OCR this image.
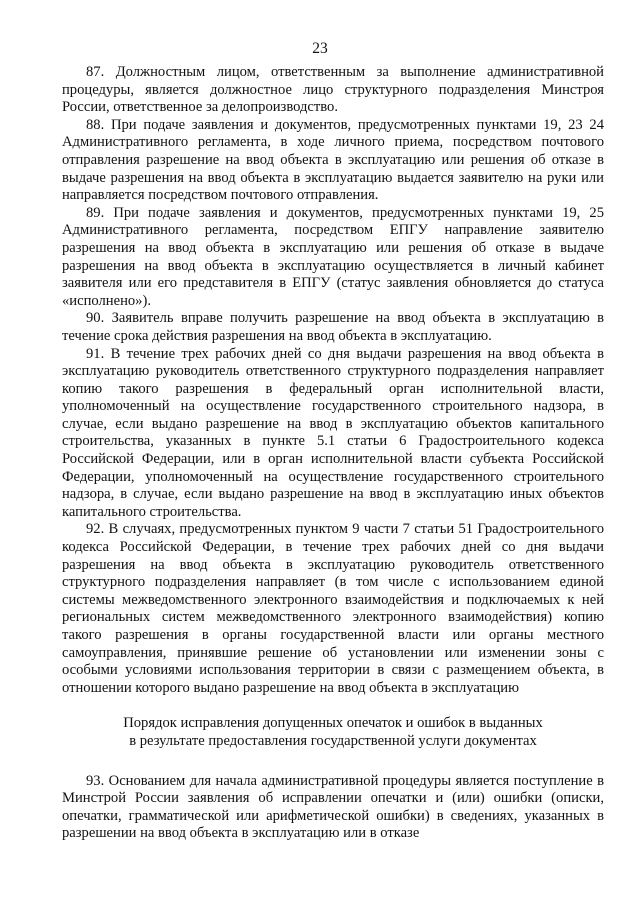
23

87. Должностным лицом, ответственным за выполнение административной процедуры, является должностное лицо структурного подразделения Минстроя России, ответственное за делопроизводство.

88. При подаче заявления и документов, предусмотренных пунктами 19, 23 24 Административного регламента, в ходе личного приема, посредством почтового отправления разрешение на ввод объекта в эксплуатацию или решения об отказе в выдаче разрешения на ввод объекта в эксплуатацию выдается заявителю на руки или направляется посредством почтового отправления.

89. При подаче заявления и документов, предусмотренных пунктами 19, 25 Административного регламента, посредством ЕПГУ направление заявителю разрешения на ввод объекта в эксплуатацию или решения об отказе в выдаче разрешения на ввод объекта в эксплуатацию осуществляется в личный кабинет заявителя или его представителя в ЕПГУ (статус заявления обновляется до статуса «исполнено»).

90. Заявитель вправе получить разрешение на ввод объекта в эксплуатацию в течение срока действия разрешения на ввод объекта в эксплуатацию.

91. В течение трех рабочих дней со дня выдачи разрешения на ввод объекта в эксплуатацию руководитель ответственного структурного подразделения направляет копию такого разрешения в федеральный орган исполнительной власти, уполномоченный на осуществление государственного строительного надзора, в случае, если выдано разрешение на ввод в эксплуатацию объектов капитального строительства, указанных в пункте 5.1 статьи 6 Градостроительного кодекса Российской Федерации, или в орган исполнительной власти субъекта Российской Федерации, уполномоченный на осуществление государственного строительного надзора, в случае, если выдано разрешение на ввод в эксплуатацию иных объектов капитального строительства.

92. В случаях, предусмотренных пунктом 9 части 7 статьи 51 Градостроительного кодекса Российской Федерации, в течение трех рабочих дней со дня выдачи разрешения на ввод объекта в эксплуатацию руководитель ответственного структурного подразделения направляет (в том числе с использованием единой системы межведомственного электронного взаимодействия и подключаемых к ней региональных систем межведомственного электронного взаимодействия) копию такого разрешения в органы государственной власти или органы местного самоуправления, принявшие решение об установлении или изменении зоны с особыми условиями использования территории в связи с размещением объекта, в отношении которого выдано разрешение на ввод объекта в эксплуатацию

Порядок исправления допущенных опечаток и ошибок в выданных
в результате предоставления государственной услуги документах

93. Основанием для начала административной процедуры является поступление в Минстрой России заявления об исправлении опечатки и (или) ошибки (описки, опечатки, грамматической или арифметической ошибки) в сведениях, указанных в разрешении на ввод объекта в эксплуатацию или в отказе
